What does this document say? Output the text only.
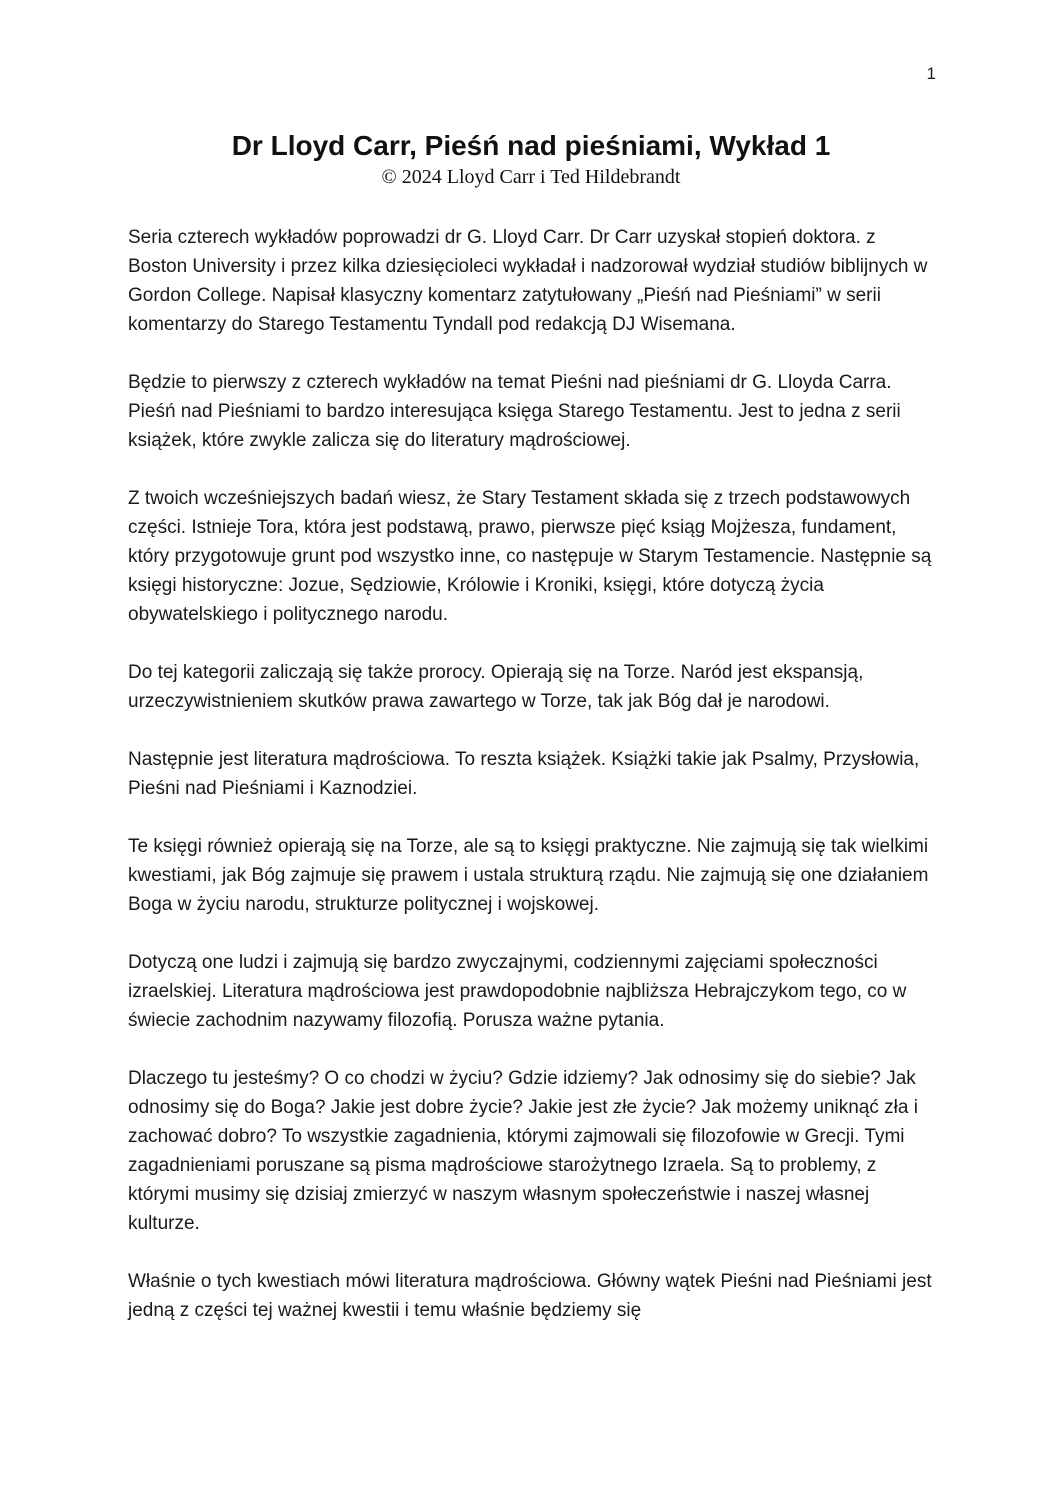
1
Dr Lloyd Carr, Pieśń nad pieśniami, Wykład 1
© 2024 Lloyd Carr i Ted Hildebrandt

Seria czterech wykładów poprowadzi dr G. Lloyd Carr. Dr Carr uzyskał stopień doktora. z Boston University i przez kilka dziesięcioleci wykładał i nadzorował wydział studiów biblijnych w Gordon College. Napisał klasyczny komentarz zatytułowany „Pieśń nad Pieśniami” w serii komentarzy do Starego Testamentu Tyndall pod redakcją DJ Wisemana.

Będzie to pierwszy z czterech wykładów na temat Pieśni nad pieśniami dr G. Lloyda Carra. Pieśń nad Pieśniami to bardzo interesująca księga Starego Testamentu. Jest to jedna z serii książek, które zwykle zalicza się do literatury mądrościowej.

Z twoich wcześniejszych badań wiesz, że Stary Testament składa się z trzech podstawowych części. Istnieje Tora, która jest podstawą, prawo, pierwsze pięć ksiąg Mojżesza, fundament, który przygotowuje grunt pod wszystko inne, co następuje w Starym Testamencie. Następnie są księgi historyczne: Jozue, Sędziowie, Królowie i Kroniki, księgi, które dotyczą życia obywatelskiego i politycznego narodu.

Do tej kategorii zaliczają się także prorocy. Opierają się na Torze. Naród jest ekspansją, urzeczywistnieniem skutków prawa zawartego w Torze, tak jak Bóg dał je narodowi.

Następnie jest literatura mądrościowa. To reszta książek. Książki takie jak Psalmy, Przysłowia, Pieśni nad Pieśniami i Kaznodziei.

Te księgi również opierają się na Torze, ale są to księgi praktyczne. Nie zajmują się tak wielkimi kwestiami, jak Bóg zajmuje się prawem i ustala strukturą rządu. Nie zajmują się one działaniem Boga w życiu narodu, strukturze politycznej i wojskowej.

Dotyczą one ludzi i zajmują się bardzo zwyczajnymi, codziennymi zajęciami społeczności izraelskiej. Literatura mądrościowa jest prawdopodobnie najbliższa Hebrajczykom tego, co w świecie zachodnim nazywamy filozofią. Porusza ważne pytania.

Dlaczego tu jesteśmy? O co chodzi w życiu? Gdzie idziemy? Jak odnosimy się do siebie? Jak odnosimy się do Boga? Jakie jest dobre życie? Jakie jest złe życie? Jak możemy uniknąć zła i zachować dobro? To wszystkie zagadnienia, którymi zajmowali się filozofowie w Grecji. Tymi zagadnieniami poruszane są pisma mądrościowe starożytnego Izraela. Są to problemy, z którymi musimy się dzisiaj zmierzyć w naszym własnym społeczeństwie i naszej własnej kulturze.

Właśnie o tych kwestiach mówi literatura mądrościowa. Główny wątek Pieśni nad Pieśniami jest jedną z części tej ważnej kwestii i temu właśnie będziemy się
